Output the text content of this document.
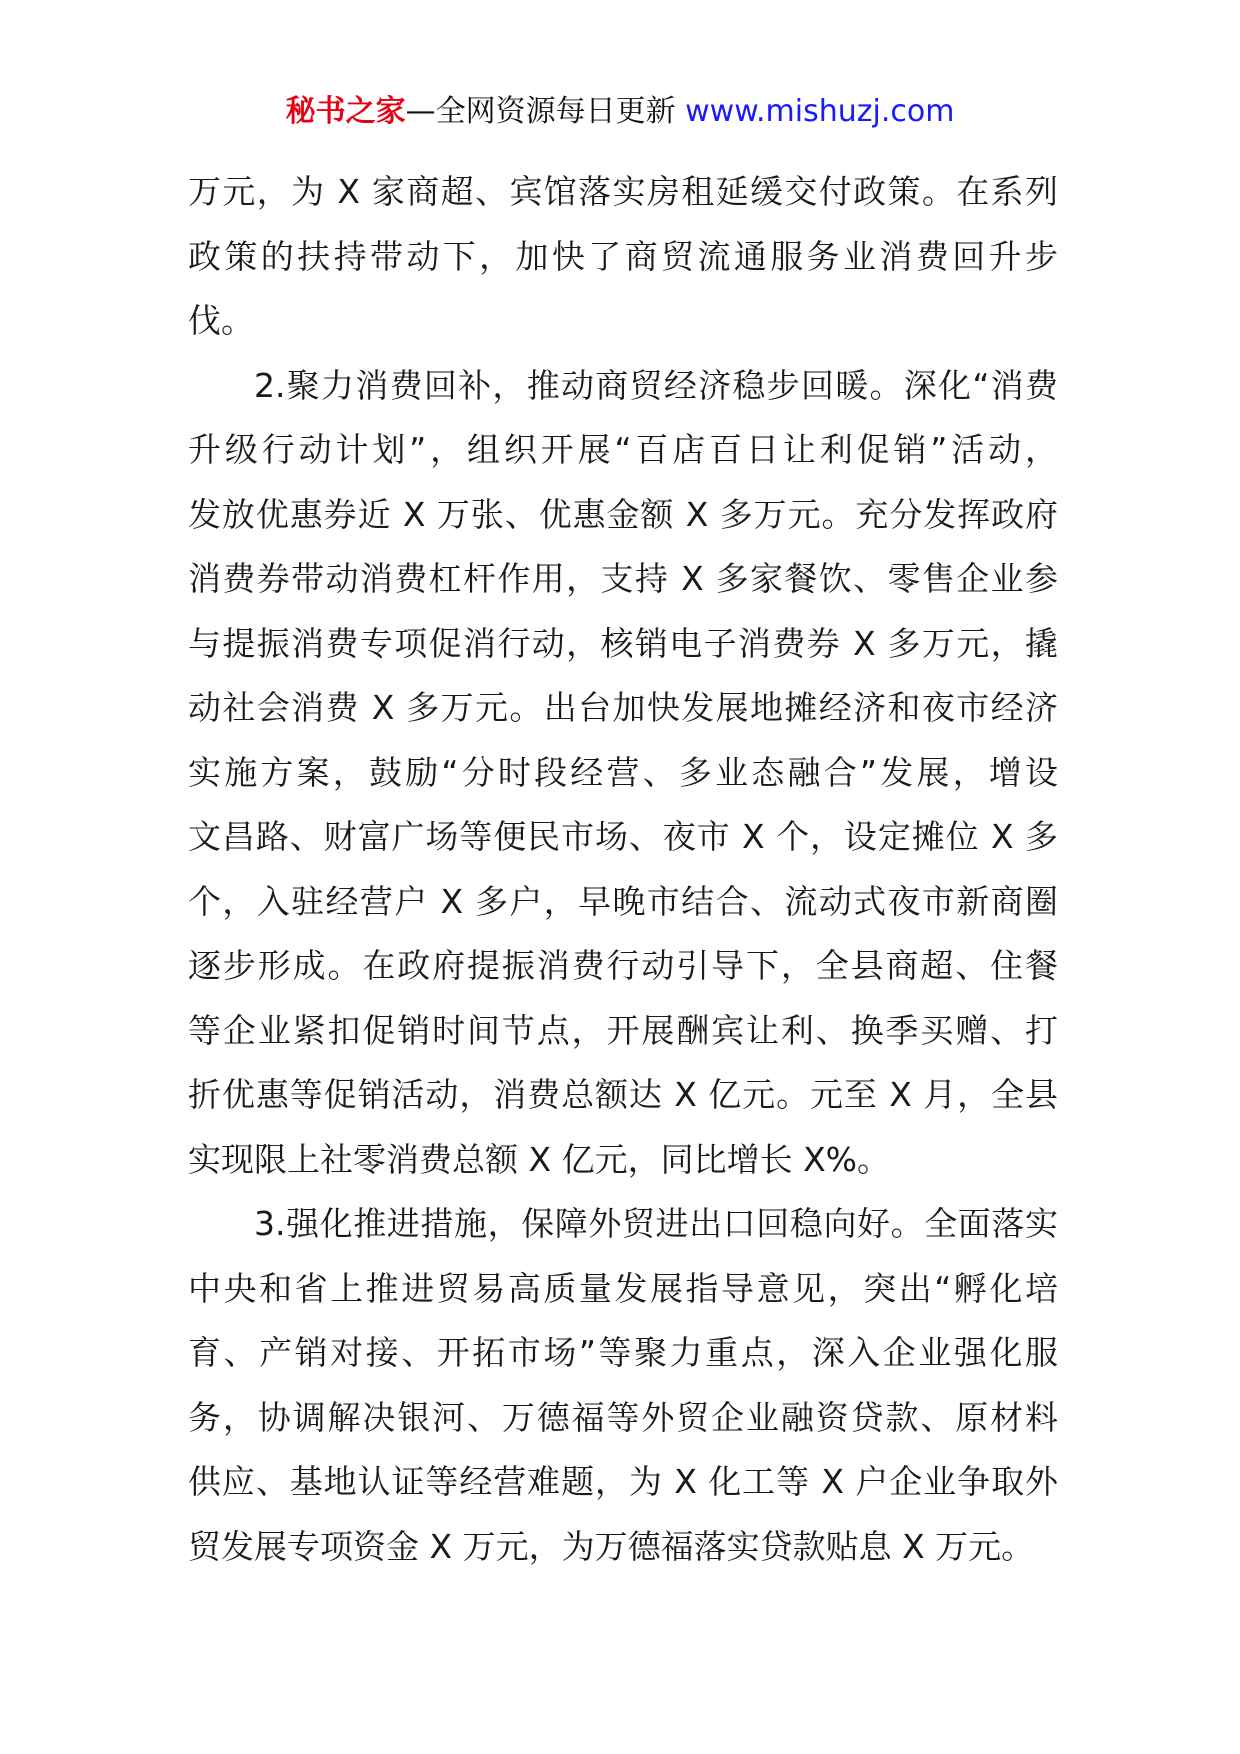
秘书之家—全网资源每日更新 www.mishuzj.com
万元，为 X 家商超、宾馆落实房租延缓交付政策。在系列
政策的扶持带动下，加快了商贸流通服务业消费回升步
伐。
2.聚力消费回补，推动商贸经济稳步回暖。深化“消费
升级行动计划”，组织开展“百店百日让利促销”活动，
发放优惠券近 X 万张、优惠金额 X 多万元。充分发挥政府
消费券带动消费杠杆作用，支持 X 多家餐饮、零售企业参
与提振消费专项促消行动，核销电子消费券 X 多万元，撬
动社会消费 X 多万元。出台加快发展地摊经济和夜市经济
实施方案，鼓励“分时段经营、多业态融合”发展，增设
文昌路、财富广场等便民市场、夜市 X 个，设定摊位 X 多
个，入驻经营户 X 多户，早晚市结合、流动式夜市新商圈
逐步形成。在政府提振消费行动引导下，全县商超、住餐
等企业紧扣促销时间节点，开展酬宾让利、换季买赠、打
折优惠等促销活动，消费总额达 X 亿元。元至 X 月，全县
实现限上社零消费总额 X 亿元，同比增长 X%。
3.强化推进措施，保障外贸进出口回稳向好。全面落实
中央和省上推进贸易高质量发展指导意见，突出“孵化培
育、产销对接、开拓市场”等聚力重点，深入企业强化服
务，协调解决银河、万德福等外贸企业融资贷款、原材料
供应、基地认证等经营难题，为 X 化工等 X 户企业争取外
贸发展专项资金 X 万元，为万德福落实贷款贴息 X 万元。
